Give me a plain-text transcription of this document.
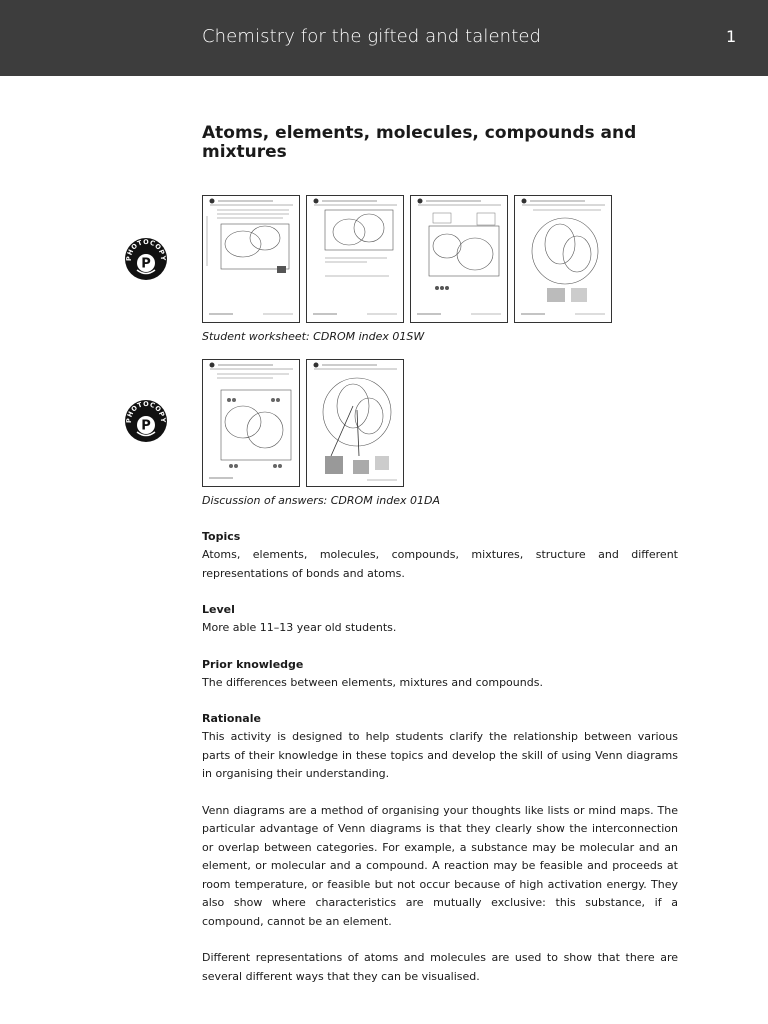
Chemistry for the gifted and talented	1
Atoms, elements, molecules, compounds and mixtures
PHOTOCOPY
P
Student worksheet: CDROM index 01SW
PHOTOCOPY
P
Discussion of answers: CDROM index 01DA
Topics

Atoms, elements, molecules, compounds, mixtures, structure and different representations of bonds and atoms.

Level

More able 11–13 year old students.

Prior knowledge

The differences between elements, mixtures and compounds.

Rationale

This activity is designed to help students clarify the relationship between various parts of their knowledge in these topics and develop the skill of using Venn diagrams in organising their understanding.

Venn diagrams are a method of organising your thoughts like lists or mind maps. The particular advantage of Venn diagrams is that they clearly show the interconnection or overlap between categories. For example, a substance may be molecular and an element, or molecular and a compound. A reaction may be feasible and proceeds at room temperature, or feasible but not occur because of high activation energy. They also show where characteristics are mutually exclusive: this substance, if a compound, cannot be an element.

Different representations of atoms and molecules are used to show that there are several different ways that they can be visualised.
